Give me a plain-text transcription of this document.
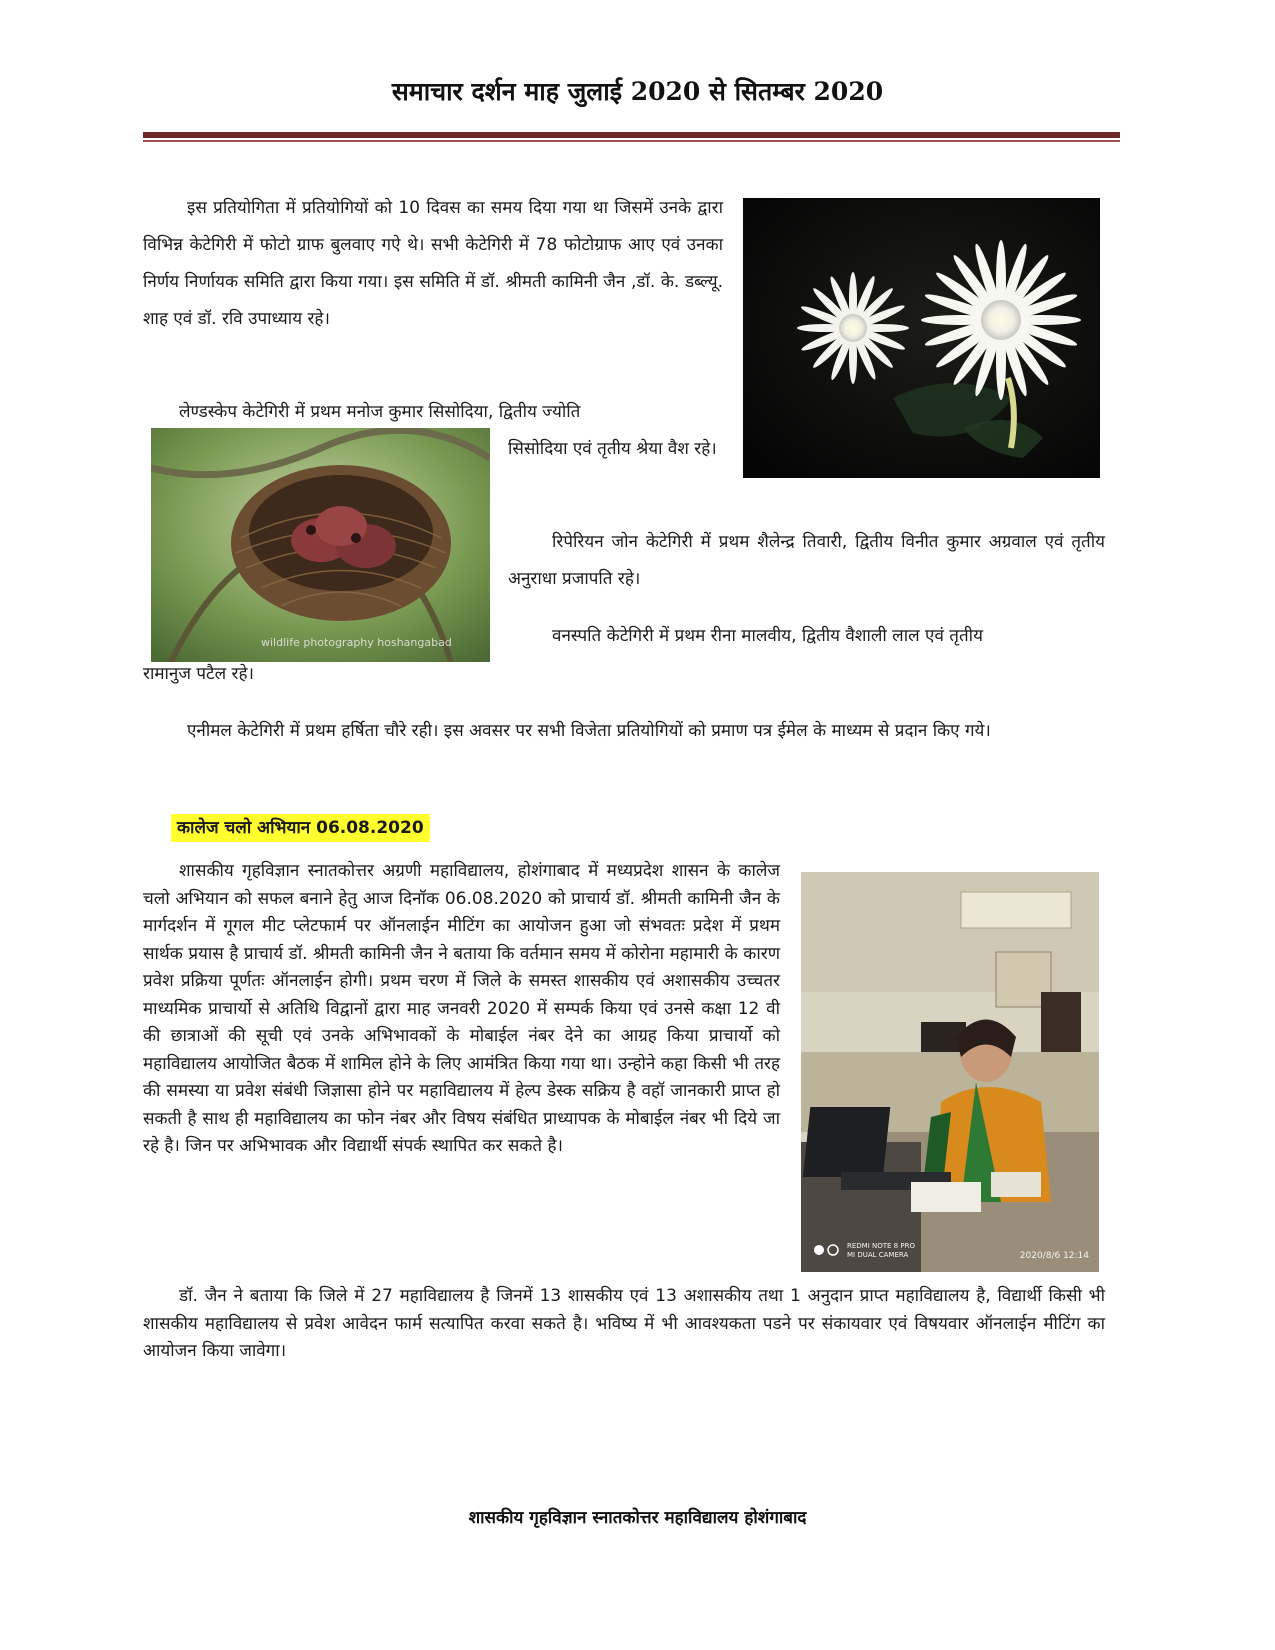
समाचार दर्शन माह जुलाई 2020 से सितम्बर 2020
इस प्रतियोगिता में प्रतियोगियों को 10 दिवस का समय दिया गया था जिसमें उनके द्वारा विभिन्न केटेगिरी में फोटो ग्राफ बुलवाए गऐ थे। सभी केटेगिरी में 78 फोटोग्राफ आए एवं उनका निर्णय निर्णायक समिति द्वारा किया गया। इस समिति में डॉ. श्रीमती कामिनी जैन ,डॉ. के. डब्ल्यू. शाह एवं डॉ. रवि उपाध्याय रहे।
लेण्डस्केप केटेगिरी में प्रथम मनोज कुमार सिसोदिया, द्वितीय ज्योति
सिसोदिया एवं तृतीय श्रेया वैश रहे।
wildlife photography hoshangabad
रिपेरियन जोन केटेगिरी में प्रथम शैलेन्द्र तिवारी, द्वितीय विनीत कुमार अग्रवाल एवं तृतीय अनुराधा प्रजापति रहे।
वनस्पति केटेगिरी में प्रथम रीना मालवीय, द्वितीय वैशाली लाल एवं तृतीय
रामानुज पटैल रहे।
एनीमल केटेगिरी में प्रथम हर्षिता चौरे रही। इस अवसर पर सभी विजेता प्रतियोगियों को प्रमाण पत्र ईमेल के माध्यम से प्रदान किए गये।
कालेज चलो अभियान 06.08.2020
शासकीय गृहविज्ञान स्नातकोत्तर अग्रणी महाविद्यालय, होशंगाबाद में मध्यप्रदेश शासन के कालेज चलो अभियान को सफल बनाने हेतु आज दिनॉक 06.08.2020 को प्राचार्य डॉ. श्रीमती कामिनी जैन के मार्गदर्शन में गूगल मीट प्लेटफार्म पर ऑनलाईन मीटिंग का आयोजन हुआ जो संभवतः प्रदेश में प्रथम सार्थक प्रयास है प्राचार्य डॉ. श्रीमती कामिनी जैन ने बताया कि वर्तमान समय में कोरोना महामारी के कारण प्रवेश प्रक्रिया पूर्णतः ऑनलाईन होगी। प्रथम चरण में जिले के समस्त शासकीय एवं अशासकीय उच्चतर माध्यमिक प्राचार्यो से अतिथि विद्वानों द्वारा माह जनवरी 2020 में सम्पर्क किया एवं उनसे कक्षा 12 वी की छात्राओं की सूची एवं उनके अभिभावकों के मोबाईल नंबर देने का आग्रह किया प्राचार्यो को महाविद्यालय आयोजित बैठक में शामिल होने के लिए आमंत्रित किया गया था। उन्होने कहा किसी भी तरह की समस्या या प्रवेश संबंधी जिज्ञासा होने पर महाविद्यालय में हेल्प डेस्क सक्रिय है वहॉ जानकारी प्राप्त हो सकती है साथ ही महाविद्यालय का फोन नंबर और विषय संबंधित प्राध्यापक के मोबाईल नंबर भी दिये जा रहे है। जिन पर अभिभावक और विद्यार्थी संपर्क स्थापित कर सकते है।
REDMI NOTE 8 PRO
MI DUAL CAMERA	2020/8/6 12:14
डॉ. जैन ने बताया कि जिले में 27 महाविद्यालय है जिनमें 13 शासकीय एवं 13 अशासकीय तथा 1 अनुदान प्राप्त महाविद्यालय है, विद्यार्थी किसी भी शासकीय महाविद्यालय से प्रवेश आवेदन फार्म सत्यापित करवा सकते है। भविष्य में भी आवश्यकता पडने पर संकायवार एवं विषयवार ऑनलाईन मीटिंग का आयोजन किया जावेगा।
शासकीय गृहविज्ञान स्नातकोत्तर महाविद्यालय होशंगाबाद
